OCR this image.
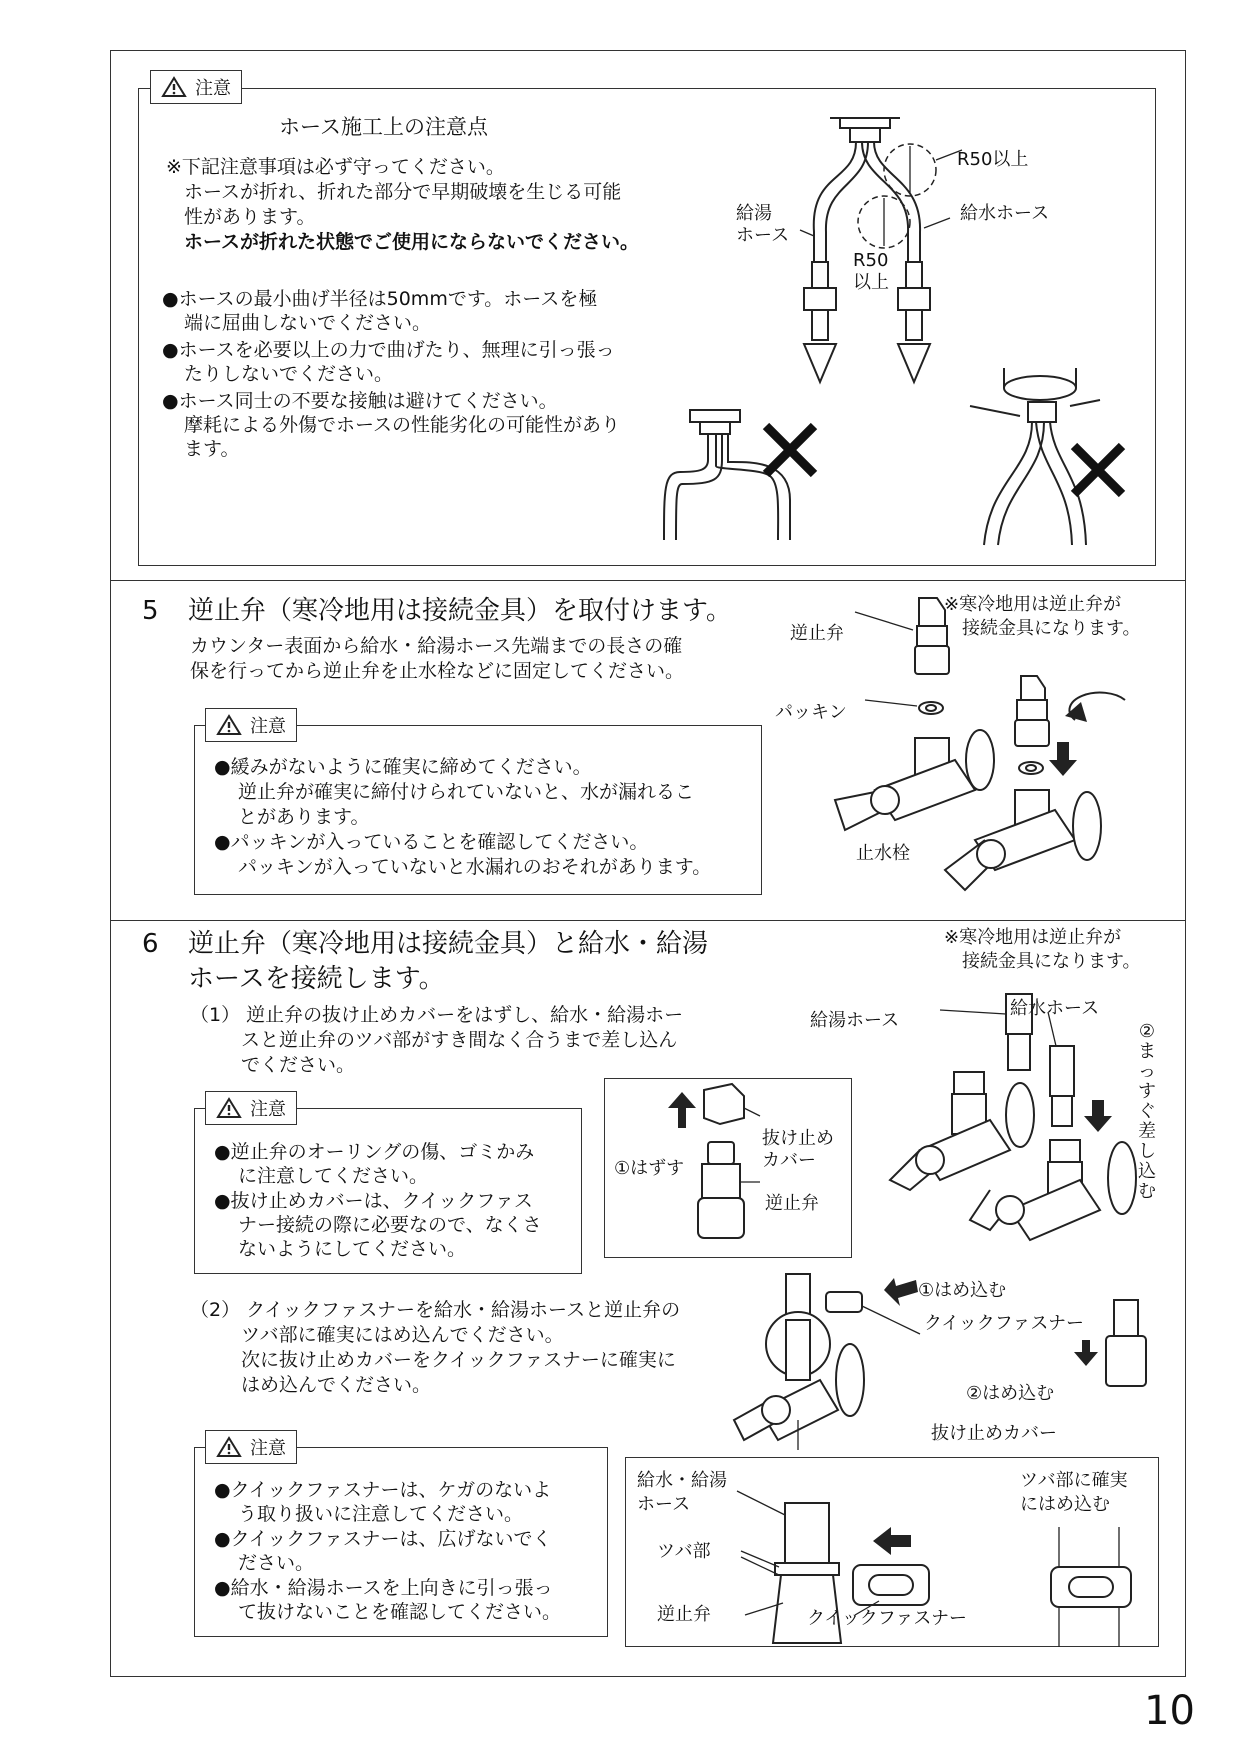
注意
ホース施工上の注意点
※下記注意事項は必ず守ってください。
ホースが折れ、折れた部分で早期破壊を生じる可能
性があります。
ホースが折れた状態でご使用にならないでください。
●ホースの最小曲げ半径は50mmです。ホースを極
端に屈曲しないでください。
●ホースを必要以上の力で曲げたり、無理に引っ張っ
たりしないでください。
●ホース同士の不要な接触は避けてください。
摩耗による外傷でホースの性能劣化の可能性があり
ます。
R50以上
給湯
ホース
給水ホース
R50
以上
5 逆止弁（寒冷地用は接続金具）を取付けます。
カウンター表面から給水・給湯ホース先端までの長さの確
保を行ってから逆止弁を止水栓などに固定してください。
※寒冷地用は逆止弁が
接続金具になります。
注意
●緩みがないように確実に締めてください。
逆止弁が確実に締付けられていないと、水が漏れるこ
とがあります。
●パッキンが入っていることを確認してください。
パッキンが入っていないと水漏れのおそれがあります。
逆止弁
パッキン
止水栓
6 逆止弁（寒冷地用は接続金具）と給水・給湯
ホースを接続します。
※寒冷地用は逆止弁が
接続金具になります。
（1） 逆止弁の抜け止めカバーをはずし、給水・給湯ホー
スと逆止弁のツバ部がすき間なく合うまで差し込ん
でください。
注意
●逆止弁のオーリングの傷、ゴミかみ
に注意してください。
●抜け止めカバーは、クイックファス
ナー接続の際に必要なので、なくさ
ないようにしてください。
①はずす
抜け止め
カバー
逆止弁
給湯ホース
給水ホース
②まっすぐ差し込む
（2） クイックファスナーを給水・給湯ホースと逆止弁の
ツバ部に確実にはめ込んでください。
次に抜け止めカバーをクイックファスナーに確実に
はめ込んでください。
①はめ込む
クイックファスナー
②はめ込む
抜け止めカバー
注意
●クイックファスナーは、ケガのないよ
う取り扱いに注意してください。
●クイックファスナーは、広げないでく
ださい。
●給水・給湯ホースを上向きに引っ張っ
て抜けないことを確認してください。
給水・給湯
ホース
ツバ部
逆止弁	クイックファスナー
ツバ部に確実
にはめ込む
10
